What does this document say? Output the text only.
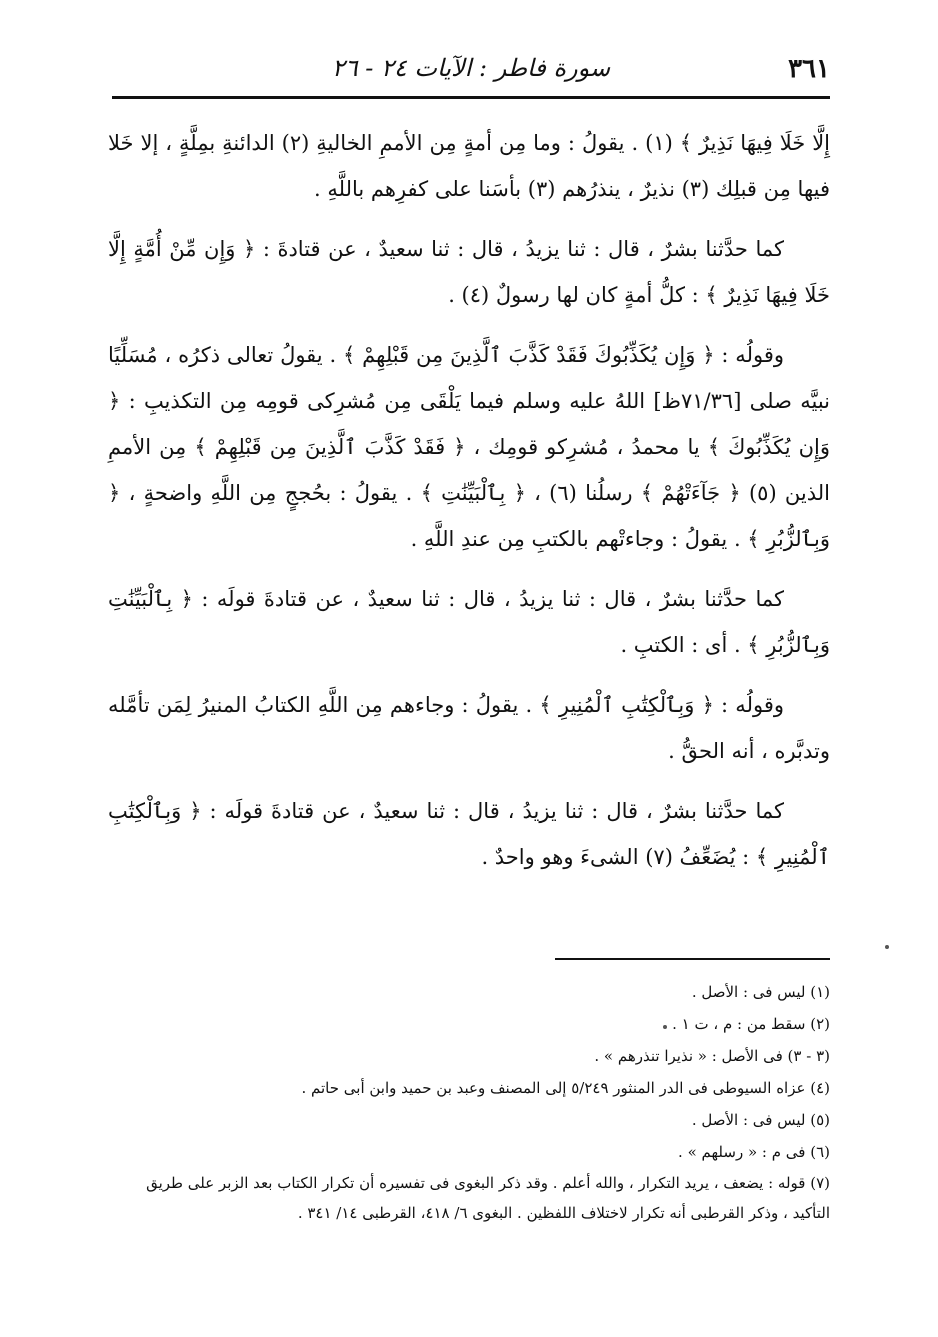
٣٦١
سورة فاطر : الآيات ٢٤ - ٢٦

إِلَّا خَلَا فِيهَا نَذِيرٌ ﴾ (١) . يقولُ : وما مِن أمةٍ مِن الأممِ الخاليةِ (٢) الدائنةِ بمِلَّةٍ ، إلا خَلا فيها مِن قبلِك (٣) نذيرٌ ، ينذرُهم (٣) بأسَنا على كفرِهم باللَّهِ .

كما حدَّثنا بشرٌ ، قال : ثنا يزيدُ ، قال : ثنا سعيدٌ ، عن قتادةَ : ﴿ وَإِن مِّنْ أُمَّةٍ إِلَّا خَلَا فِيهَا نَذِيرٌ ﴾ : كلُّ أمةٍ كان لها رسولٌ (٤) .

وقولُه : ﴿ وَإِن يُكَذِّبُوكَ فَقَدْ كَذَّبَ ٱلَّذِينَ مِن قَبْلِهِمْ ﴾ . يقولُ تعالى ذكرُه ، مُسَلِّيًا نبيَّه صلى [٧١/٣٦ظ] اللهُ عليه وسلم فيما يَلْقَى مِن مُشرِكى قومِه مِن التكذيبِ : ﴿ وَإِن يُكَذِّبُوكَ ﴾ يا محمدُ ، مُشرِكو قومِك ، ﴿ فَقَدْ كَذَّبَ ٱلَّذِينَ مِن قَبْلِهِمْ ﴾ مِن الأممِ الذين (٥) ﴿ جَآءَتْهُمْ ﴾ رسلُنا (٦) ، ﴿ بِٱلْبَيِّنَٰتِ ﴾ . يقولُ : بحُججٍ مِن اللَّهِ واضحةٍ ، ﴿ وَبِٱلزُّبُرِ ﴾ . يقولُ : وجاءتْهم بالكتبِ مِن عندِ اللَّهِ .

كما حدَّثنا بشرٌ ، قال : ثنا يزيدُ ، قال : ثنا سعيدٌ ، عن قتادةَ قولَه : ﴿ بِٱلْبَيِّنَٰتِ وَبِٱلزُّبُرِ ﴾ . أى : الكتبِ .

وقولُه : ﴿ وَبِٱلْكِتَٰبِ ٱلْمُنِيرِ ﴾ . يقولُ : وجاءهم مِن اللَّهِ الكتابُ المنيرُ لِمَن تأمَّله وتدبَّره ، أنه الحقُّ .

كما حدَّثنا بشرٌ ، قال : ثنا يزيدُ ، قال : ثنا سعيدٌ ، عن قتادةَ قولَه : ﴿ وَبِٱلْكِتَٰبِ ٱلْمُنِيرِ ﴾ : يُضَعِّفُ (٧) الشىءَ وهو واحدٌ .

(١) ليس فى : الأصل .

(٢) سقط من : م ، ت ١ .

(٣ - ٣) فى الأصل : « نذيرا تنذرهم » .

(٤) عزاه السيوطى فى الدر المنثور ٥/٢٤٩ إلى المصنف وعبد بن حميد وابن أبى حاتم .

(٥) ليس فى : الأصل .

(٦) فى م : « رسلهم » .

(٧) قوله : يضعف ، يريد التكرار ، والله أعلم . وقد ذكر البغوى فى تفسيره أن تكرار الكتاب بعد الزبر على طريق التأكيد ، وذكر القرطبى أنه تكرار لاختلاف اللفظين . البغوى ٦/ ٤١٨، القرطبى ١٤/ ٣٤١ .
